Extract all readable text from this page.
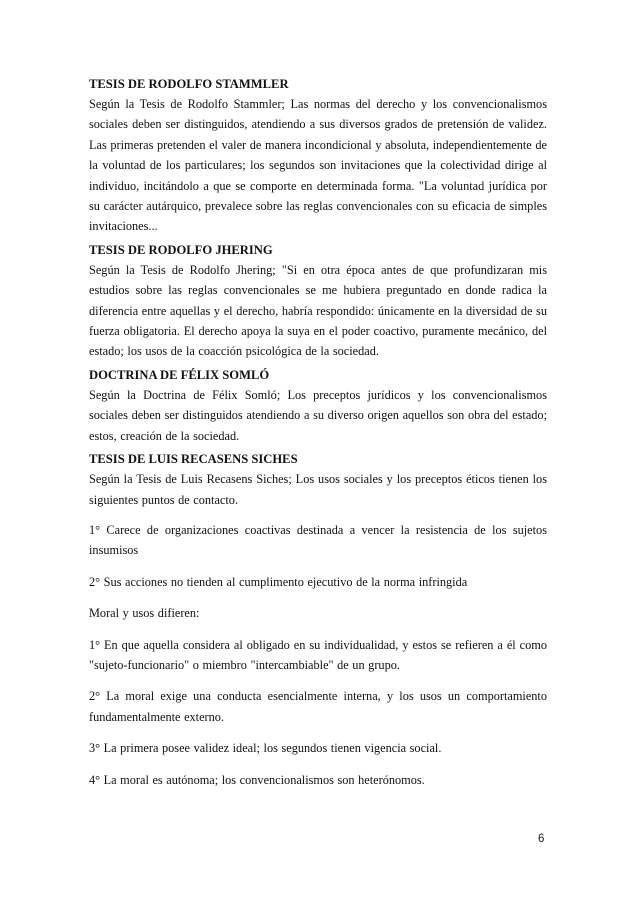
TESIS DE RODOLFO STAMMLER

Según la Tesis de Rodolfo Stammler; Las normas del derecho y los convencionalismos sociales deben ser distinguidos, atendiendo a sus diversos grados de pretensión de validez. Las primeras pretenden el valer de manera incondicional y absoluta, independientemente de la voluntad de los particulares; los segundos son invitaciones que la colectividad dirige al individuo, incitándolo a que se comporte en determinada forma. "La voluntad jurídica por su carácter autárquico, prevalece sobre las reglas convencionales con su eficacia de simples invitaciones...

TESIS DE RODOLFO JHERING

Según la Tesis de Rodolfo Jhering; "Si en otra época antes de que profundizaran mis estudios sobre las reglas convencionales se me hubiera preguntado en donde radica la diferencia entre aquellas y el derecho, habría respondido: únicamente en la diversidad de su fuerza obligatoria. El derecho apoya la suya en el poder coactivo, puramente mecánico, del estado; los usos de la coacción psicológica de la sociedad.

DOCTRINA DE FÉLIX SOMLÓ

Según la Doctrina de Félix Somló; Los preceptos jurídicos y los convencionalismos sociales deben ser distinguidos atendiendo a su diverso origen aquellos son obra del estado; estos, creación de la sociedad.

TESIS DE LUIS RECASENS SICHES

Según la Tesis de Luis Recasens Siches; Los usos sociales y los preceptos éticos tienen los siguientes puntos de contacto.

1° Carece de organizaciones coactivas destinada a vencer la resistencia de los sujetos insumisos

2° Sus acciones no tienden al cumplimento ejecutivo de la norma infringida

Moral y usos difieren:

1° En que aquella considera al obligado en su individualidad, y estos se refieren a él como "sujeto-funcionario" o miembro "intercambiable" de un grupo.

2° La moral exige una conducta esencialmente interna, y los usos un comportamiento fundamentalmente externo.

3° La primera posee validez ideal; los segundos tienen vigencia social.

4° La moral es autónoma; los convencionalismos son heterónomos.

6
